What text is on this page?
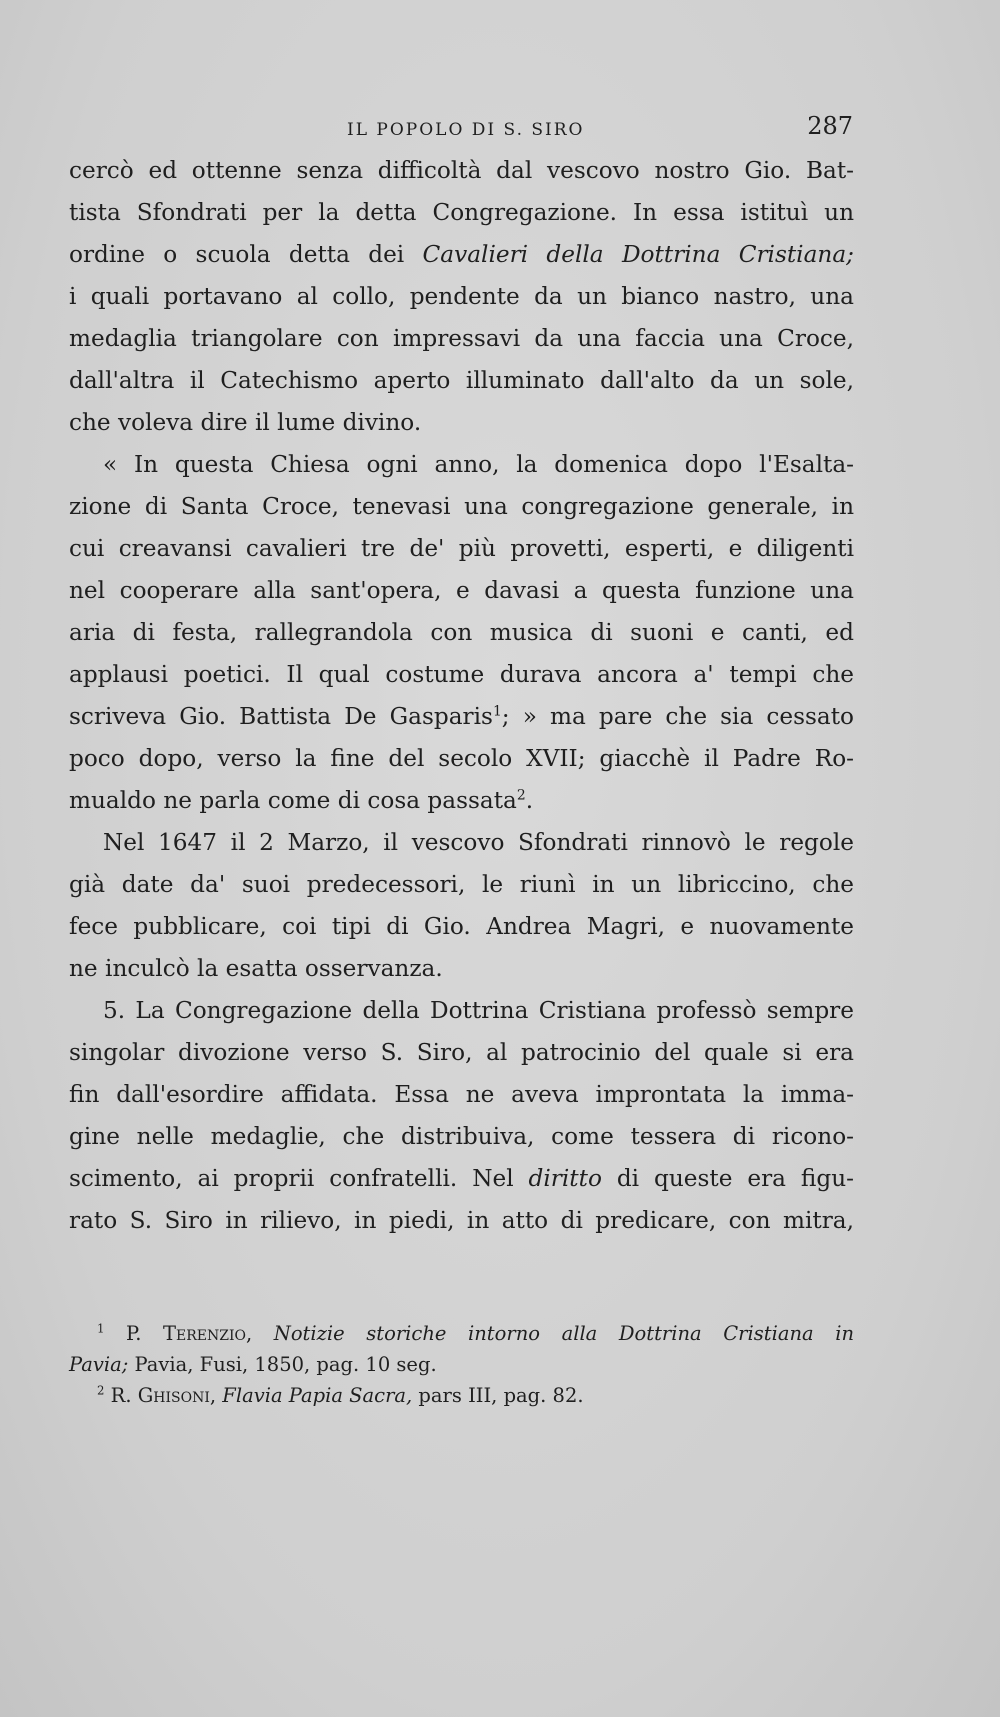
IL POPOLO DI S. SIRO	287
cercò ed ottenne senza difficoltà dal vescovo nostro Gio. Bat-
tista Sfondrati per la detta Congregazione. In essa istituì un
ordine o scuola detta dei Cavalieri della Dottrina Cristiana;
i quali portavano al collo, pendente da un bianco nastro, una
medaglia triangolare con impressavi da una faccia una Croce,
dall'altra il Catechismo aperto illuminato dall'alto da un sole,
che voleva dire il lume divino.
« In questa Chiesa ogni anno, la domenica dopo l'Esalta-
zione di Santa Croce, tenevasi una congregazione generale, in
cui creavansi cavalieri tre de' più provetti, esperti, e diligenti
nel cooperare alla sant'opera, e davasi a questa funzione una
aria di festa, rallegrandola con musica di suoni e canti, ed
applausi poetici. Il qual costume durava ancora a' tempi che
scriveva Gio. Battista De Gasparis$^1$; » ma pare che sia cessato
poco dopo, verso la fine del secolo XVII; giacchè il Padre Ro-
mualdo ne parla come di cosa passata$^2$.
Nel 1647 il 2 Marzo, il vescovo Sfondrati rinnovò le regole
già date da' suoi predecessori, le riunì in un libriccino, che
fece pubblicare, coi tipi di Gio. Andrea Magri, e nuovamente
ne inculcò la esatta osservanza.
5. La Congregazione della Dottrina Cristiana professò sempre
singolar divozione verso S. Siro, al patrocinio del quale si era
fin dall'esordire affidata. Essa ne aveva improntata la imma-
gine nelle medaglie, che distribuiva, come tessera di ricono-
scimento, ai proprii confratelli. Nel diritto di queste era figu-
rato S. Siro in rilievo, in piedi, in atto di predicare, con mitra,
$^1$ P. Terenzio, Notizie storiche intorno alla Dottrina Cristiana in
Pavia; Pavia, Fusi, 1850, pag. 10 seg.
$^2$ R. Ghisoni, Flavia Papia Sacra, pars III, pag. 82.
